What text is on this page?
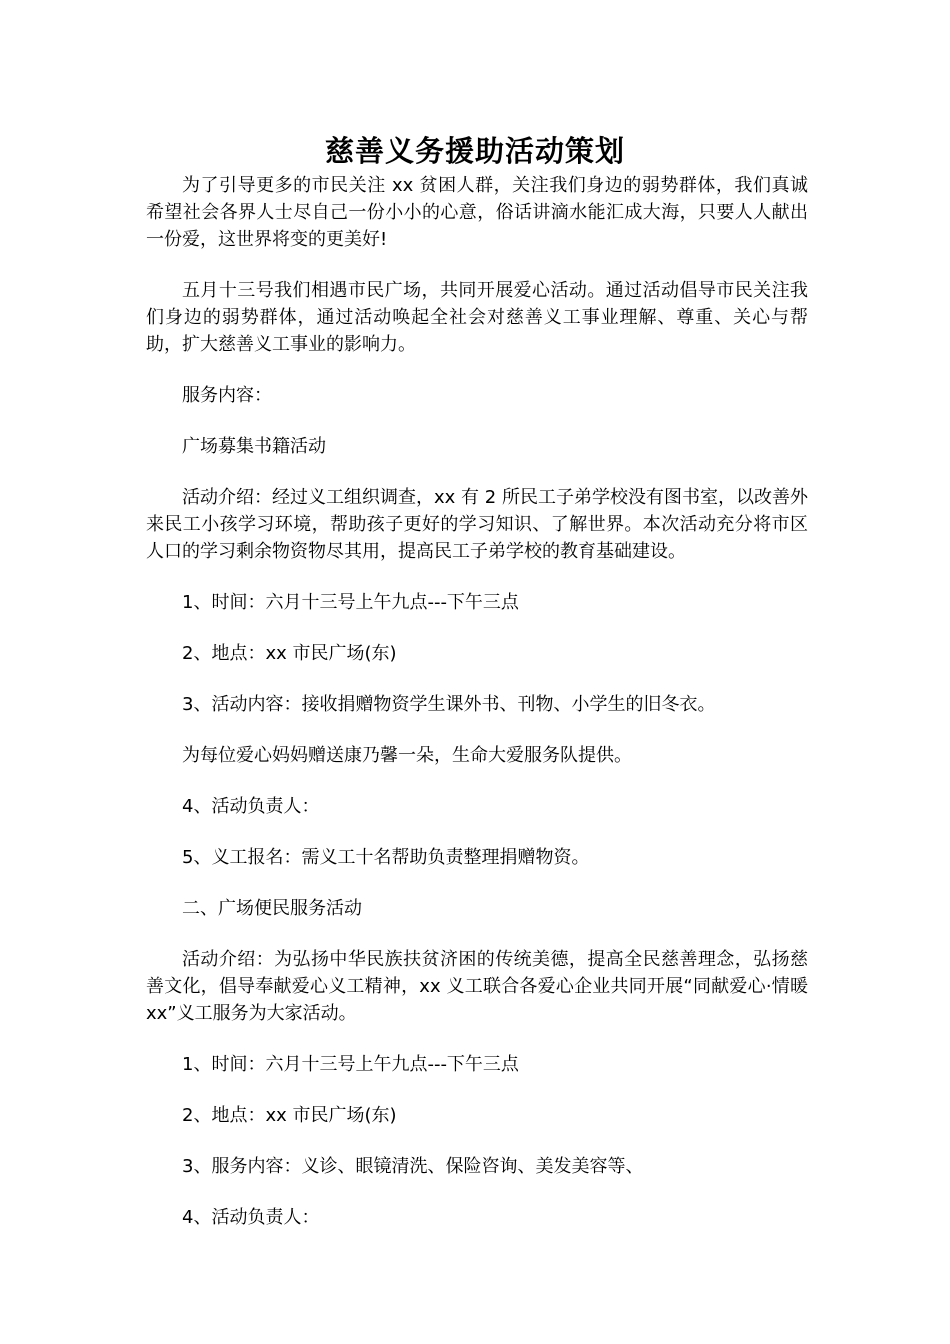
慈善义务援助活动策划

为了引导更多的市民关注 xx 贫困人群，关注我们身边的弱势群体，我们真诚希望社会各界人士尽自己一份小小的心意，俗话讲滴水能汇成大海，只要人人献出一份爱，这世界将变的更美好!

五月十三号我们相遇市民广场，共同开展爱心活动。通过活动倡导市民关注我们身边的弱势群体，通过活动唤起全社会对慈善义工事业理解、尊重、关心与帮助，扩大慈善义工事业的影响力。

服务内容：

广场募集书籍活动

活动介绍：经过义工组织调查，xx 有 2 所民工子弟学校没有图书室，以改善外来民工小孩学习环境，帮助孩子更好的学习知识、了解世界。本次活动充分将市区人口的学习剩余物资物尽其用，提高民工子弟学校的教育基础建设。

1、时间：六月十三号上午九点---下午三点

2、地点：xx 市民广场(东)

3、活动内容：接收捐赠物资学生课外书、刊物、小学生的旧冬衣。

为每位爱心妈妈赠送康乃馨一朵，生命大爱服务队提供。

4、活动负责人：

5、义工报名：需义工十名帮助负责整理捐赠物资。

二、广场便民服务活动

活动介绍：为弘扬中华民族扶贫济困的传统美德，提高全民慈善理念，弘扬慈善文化，倡导奉献爱心义工精神，xx 义工联合各爱心企业共同开展“同献爱心·情暖 xx”义工服务为大家活动。

1、时间：六月十三号上午九点---下午三点

2、地点：xx 市民广场(东)

3、服务内容：义诊、眼镜清洗、保险咨询、美发美容等、

4、活动负责人：
